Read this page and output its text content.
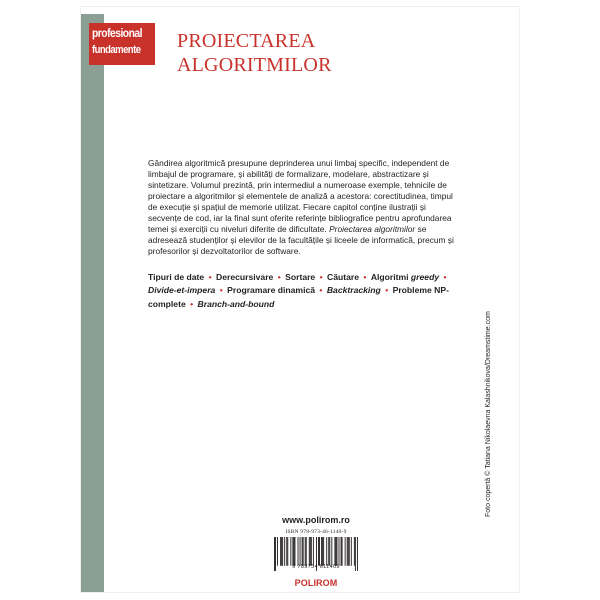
profesional
fundamente PROIECTAREA
ALGORITMILOR

Gândirea algoritmică presupune deprinderea unui limbaj specific, independent de limbajul de programare, și abilități de formalizare, modelare, abstractizare și sintetizare. Volumul prezintă, prin intermediul a numeroase exemple, tehnicile de proiectare a algoritmilor și elementele de analiză a acestora: corectitudinea, timpul de execuție și spațiul de memorie utilizat. Fiecare capitol conține ilustrații și secvențe de cod, iar la final sunt oferite referințe bibliografice pentru aprofundarea temei și exerciții cu niveluri diferite de dificultate. Proiectarea algoritmilor se adresează studenților și elevilor de la facultățile și liceele de informatică, precum și profesorilor și dezvoltatorilor de software.

Tipuri de date • Derecursivare • Sortare • Căutare • Algoritmi greedy • Divide-et-impera • Programare dinamică • Backtracking • Probleme NP-complete • Branch-and-bound
Foto copertă © Tatiana Nikolaevna Kalashnikova/Dreamstime.com
www.polirom.ro
ISBN 978-973-46-1140-9
9 789734 611409
POLIROM
